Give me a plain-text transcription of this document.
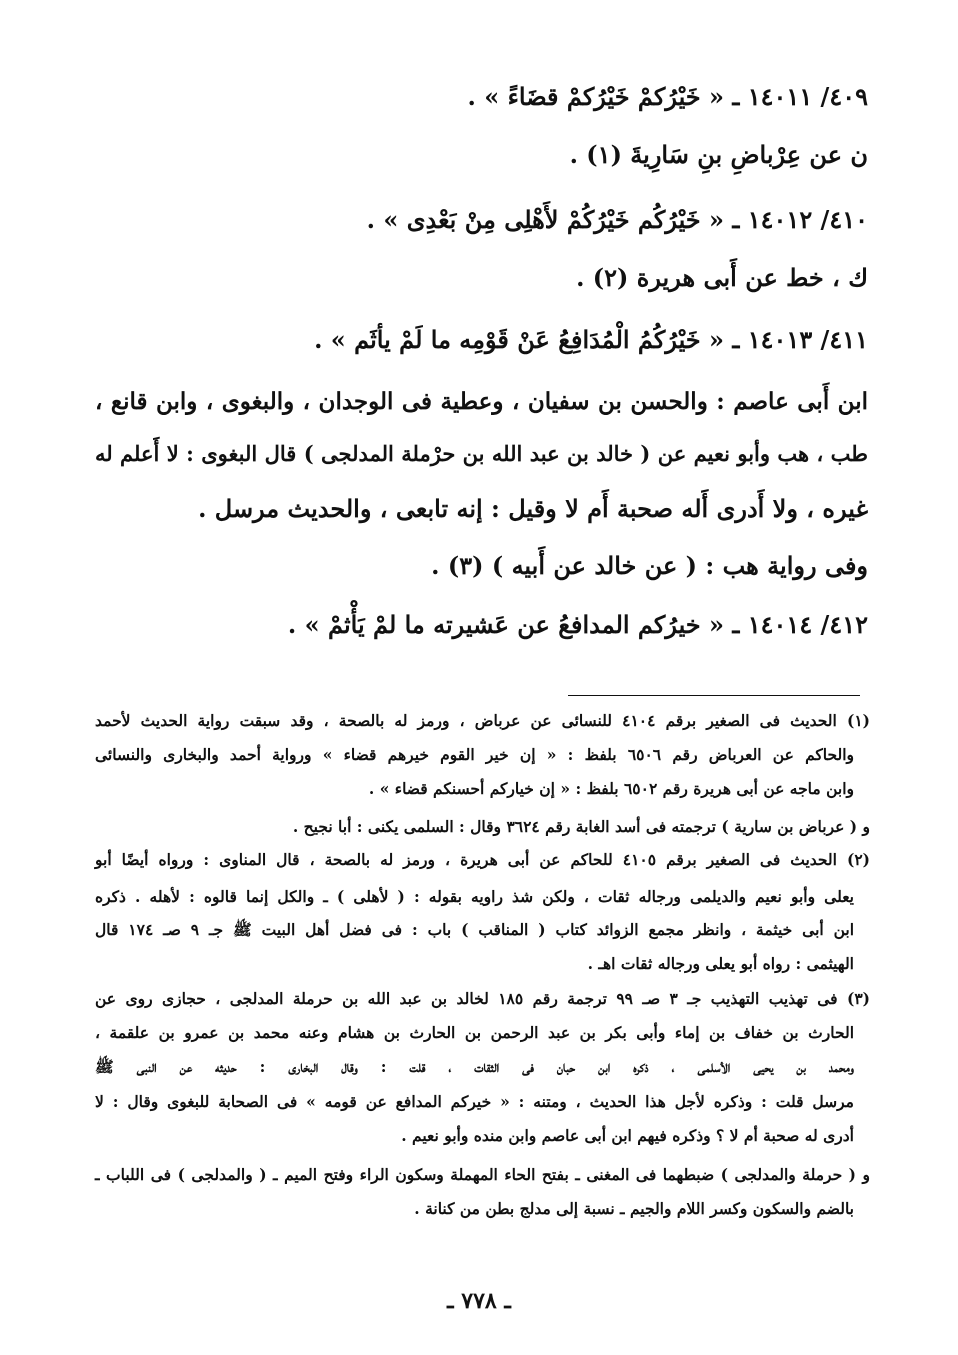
٤٠٩/ ١٤٠١١ ـ « خَيْرُكمْ خَيْرُكمْ قضَاءً » .
ن عن عِرْباضِ بنِ سَارِيةَ (١) .
٤١٠/ ١٤٠١٢ ـ « خَيْرُكُم خَيْرُكُمْ لأَهْلِى مِنْ بَعْدِى » .
ك ، خط عن أَبى هريرة (٢) .
٤١١/ ١٤٠١٣ ـ « خَيْرُكُمُ الْمُدَافِعُ عَنْ قَوْمِه ما لَمْ يأثَم » .
ابن أَبى عاصم : والحسن بن سفيان ، وعطية فى الوجدان ، والبغوى ، وابن قانع ،
طب ، هب وأبو نعيم عن ( خالد بن عبد الله بن حرْملة المدلجى ) قال البغوى : لا أَعلم له
غيره ، ولا أَدرى أَله صحبة أَم لا وقيل : إنه تابعى ، والحديث مرسل .
وفى رواية هب : ( عن خالد عن أَبيه ) (٣) .
٤١٢/ ١٤٠١٤ ـ « خيرُكم المدافعُ عن عَشيرته ما لمْ يَأْثمْ » .
(١) الحديث فى الصغير برقم ٤١٠٤ للنسائى عن عرباض ، ورمز له بالصحة ، وقد سبقت رواية الحديث لأحمد
والحاكم عن العرباض رقم ٦٥٠٦ بلفظ : « إن خير القوم خيرهم قضاء » ورواية أحمد والبخارى والنسائى
وابن ماجه عن أبى هريرة رقم ٦٥٠٢ بلفظ : « إن خياركم أحسنكم قضاء » .
و ( عرباض بن سارية ) ترجمته فى أسد الغابة رقم ٣٦٢٤ وقال : السلمى يكنى : أبا نجيح .
(٢) الحديث فى الصغير برقم ٤١٠٥ للحاكم عن أبى هريرة ، ورمز له بالصحة ، قال المناوى : ورواه أيضًا أبو
يعلى وأبو نعيم والديلمى ورجاله ثقات ، ولكن شذ راويه بقوله : ( لأهلى ) ـ والكل إنما قالوه : لأهله . ذكره
ابن أبى خيثمة ، وانظر مجمع الزوائد كتاب ( المناقب ) باب : فى فضل أهل البيت ﷺ جـ ٩ صـ ١٧٤ قال
الهيثمى : رواه أبو يعلى ورجاله ثقات اهـ .
(٣) فى تهذيب التهذيب جـ ٣ صـ ٩٩ ترجمة رقم ١٨٥ لخالد بن عبد الله بن حرملة المدلجى ، حجازى روى عن
الحارث بن خفاف بن إماء وأبى بكر بن عبد الرحمن بن الحارث بن هشام وعنه محمد بن عمرو بن علقمة ،
ومحمد بن يحيى الأسلمى ، ذكره ابن حبان فى الثقات ، قلت : وقال البخارى : حديثه عن النبى ﷺ
مرسل قلت : وذكره لأجل هذا الحديث ، ومتنه : « خيركم المدافع عن قومه » فى الصحابة للبغوى وقال : لا
أدرى له صحبة أم لا ؟ وذكره فيهم ابن أبى عاصم وابن منده وأبو نعيم .
و ( حرملة والمدلجى ) ضبطهما فى المغنى ـ بفتح الحاء المهملة وسكون الراء وفتح الميم ـ ( والمدلجى ) فى اللباب ـ
بالضم والسكون وكسر اللام والجيم ـ نسبة إلى مدلج بطن من كنانة .
ـ ٧٧٨ ـ
